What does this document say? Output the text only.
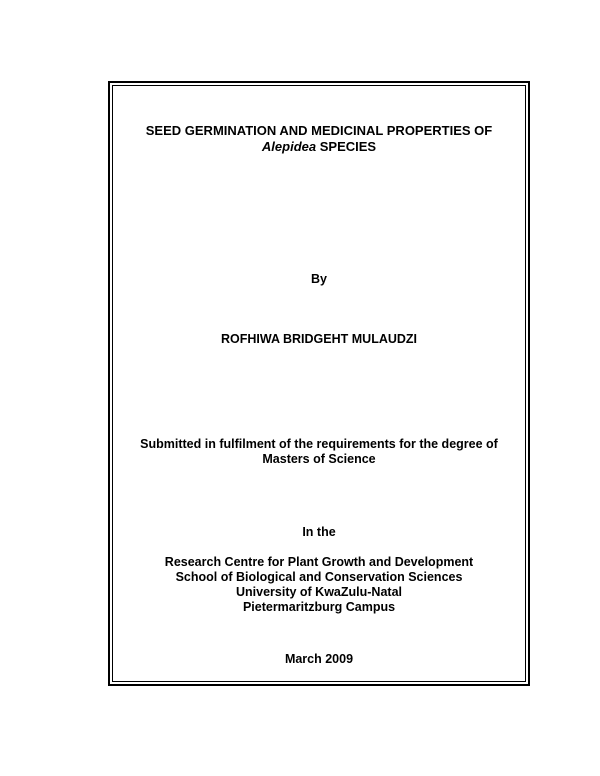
SEED GERMINATION AND MEDICINAL PROPERTIES OF
Alepidea SPECIES
By
ROFHIWA BRIDGEHT MULAUDZI
Submitted in fulfilment of the requirements for the degree of
Masters of Science
In the
Research Centre for Plant Growth and Development
School of Biological and Conservation Sciences
University of KwaZulu-Natal
Pietermaritzburg Campus
March 2009
